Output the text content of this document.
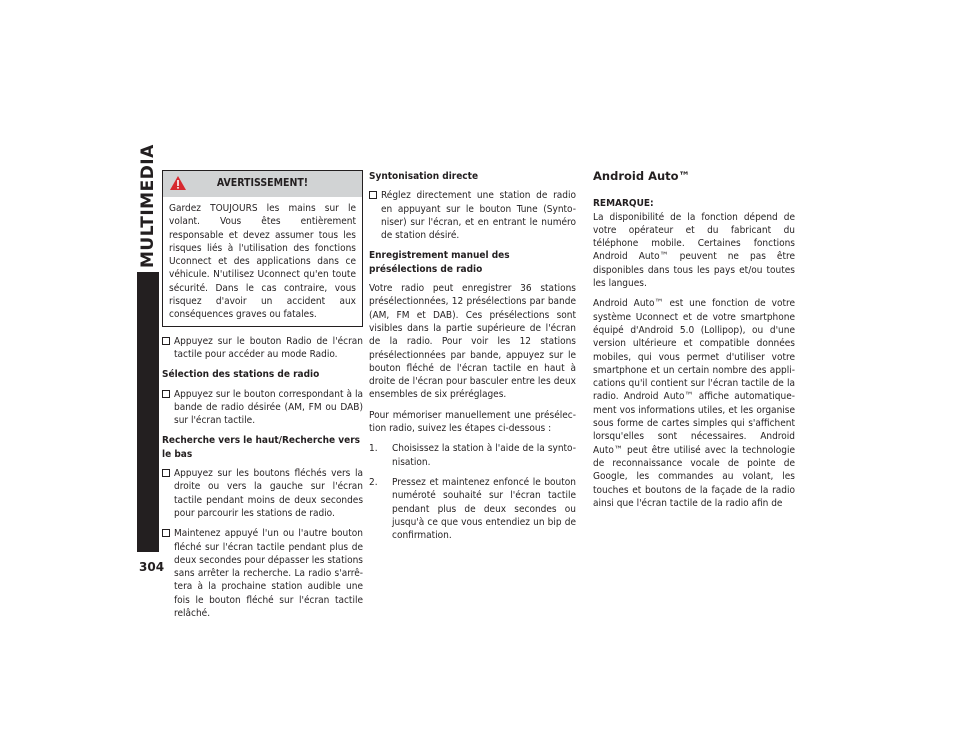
MULTIMEDIA
304
AVERTISSEMENT!
Gardez TOUJOURS les mains sur le volant. Vous êtes entièrement responsable et devez assumer tous les risques liés à l'utilisation des fonctions Uconnect et des applications dans ce véhicule. N'utilisez Uconnect qu'en toute sécurité. Dans le cas contraire, vous risquez d'avoir un accident aux conséquences graves ou fatales.
Appuyez sur le bouton Radio de l'écran tactile pour accéder au mode Radio.
Sélection des stations de radio
Appuyez sur le bouton correspondant à la bande de radio désirée (AM, FM ou DAB) sur l'écran tactile.
Recherche vers le haut/Recherche vers le bas
Appuyez sur les boutons fléchés vers la droite ou vers la gauche sur l'écran tactile pendant moins de deux secondes pour parcourir les stations de radio.
Maintenez appuyé l'un ou l'autre bouton fléché sur l'écran tactile pendant plus de deux secondes pour dépasser les stations sans arrêter la recherche. La radio s'arrê-tera à la prochaine station audible une fois le bouton fléché sur l'écran tactile relâché.
Syntonisation directe
Réglez directement une station de radio en appuyant sur le bouton Tune (Synto-niser) sur l'écran, et en entrant le numéro de station désiré.
Enregistrement manuel des présélections de radio

Votre radio peut enregistrer 36 stations présélectionnées, 12 présélections par bande (AM, FM et DAB). Ces présélections sont visibles dans la partie supérieure de l'écran de la radio. Pour voir les 12 stations présélectionnées par bande, appuyez sur le bouton fléché de l'écran tactile en haut à droite de l'écran pour basculer entre les deux ensembles de six préréglages.

Pour mémoriser manuellement une présélec-tion radio, suivez les étapes ci-dessous :

1. Choisissez la station à l'aide de la synto-nisation.
2. Pressez et maintenez enfoncé le bouton numéroté souhaité sur l'écran tactile pendant plus de deux secondes ou jusqu'à ce que vous entendiez un bip de confirmation.
Android Auto™
REMARQUE:

La disponibilité de la fonction dépend de votre opérateur et du fabricant du téléphone mobile. Certaines fonctions Android Auto™ peuvent ne pas être disponibles dans tous les pays et/ou toutes les langues.

Android Auto™ est une fonction de votre système Uconnect et de votre smartphone équipé d'Android 5.0 (Lollipop), ou d'une version ultérieure et compatible données mobiles, qui vous permet d'utiliser votre smartphone et un certain nombre des appli-cations qu'il contient sur l'écran tactile de la radio. Android Auto™ affiche automatique-ment vos informations utiles, et les organise sous forme de cartes simples qui s'affichent lorsqu'elles sont nécessaires. Android Auto™ peut être utilisé avec la technologie de reconnaissance vocale de pointe de Google, les commandes au volant, les touches et boutons de la façade de la radio ainsi que l'écran tactile de la radio afin de
